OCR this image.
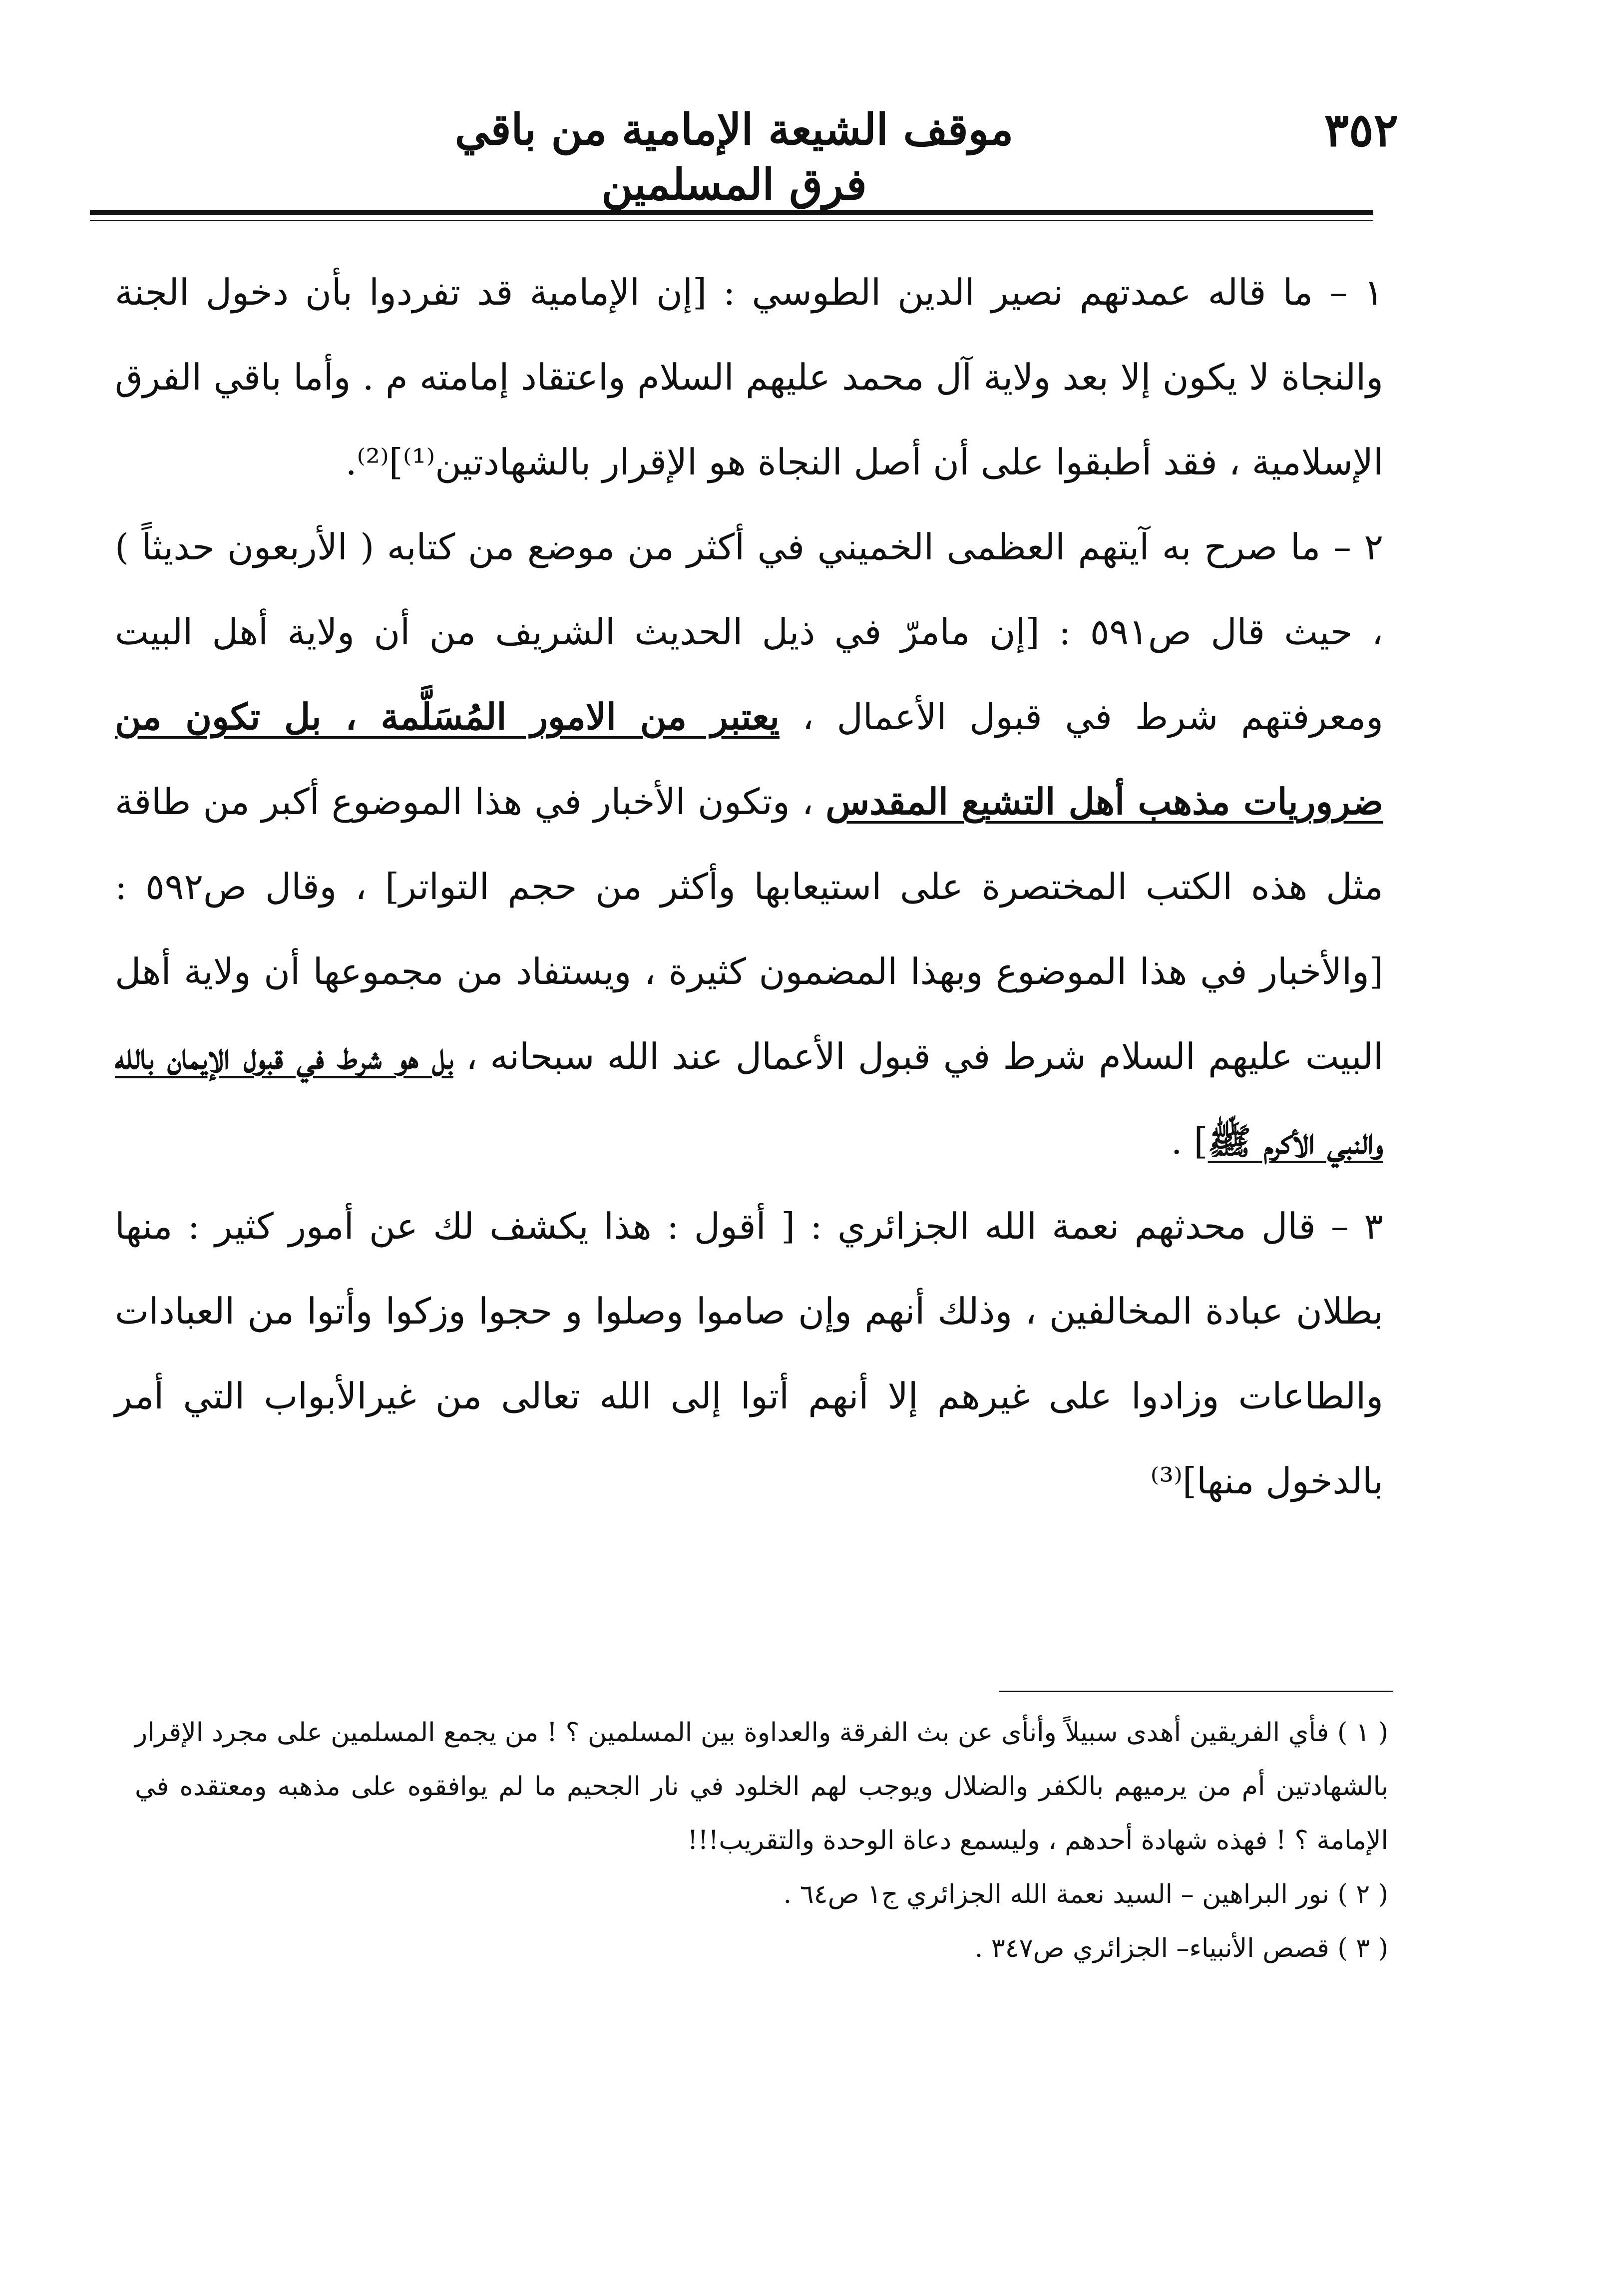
٣٥٢
موقف الشيعة الإمامية من باقي فرق المسلمين

١ – ما قاله عمدتهم نصير الدين الطوسي : [إن الإمامية قد تفردوا بأن دخول الجنة والنجاة لا يكون إلا بعد ولاية آل محمد عليهم السلام واعتقاد إمامته م . وأما باقي الفرق الإسلامية ، فقد أطبقوا على أن أصل النجاة هو الإقرار بالشهادتين⁽¹⁾]⁽²⁾.

٢ – ما صرح به آيتهم العظمى الخميني في أكثر من موضع من كتابه ( الأربعون حديثاً ) ، حيث قال ص٥٩١ : [إن مامرّ في ذيل الحديث الشريف من أن ولاية أهل البيت ومعرفتهم شرط في قبول الأعمال ، يعتبر من الامور المُسَلَّمة ، بل تكون من ضروريات مذهب أهل التشيع المقدس ، وتكون الأخبار في هذا الموضوع أكبر من طاقة مثل هذه الكتب المختصرة على استيعابها وأكثر من حجم التواتر] ، وقال ص٥٩٢ : [والأخبار في هذا الموضوع وبهذا المضمون كثيرة ، ويستفاد من مجموعها أن ولاية أهل البيت عليهم السلام شرط في قبول الأعمال عند الله سبحانه ، بل هو شرط في قبول الإيمان بالله والنبي الأكرم ﷺ] .

٣ – قال محدثهم نعمة الله الجزائري : [ أقول : هذا يكشف لك عن أمور كثير : منها بطلان عبادة المخالفين ، وذلك أنهم وإن صاموا وصلوا و حجوا وزكوا وأتوا من العبادات والطاعات وزادوا على غيرهم إلا أنهم أتوا إلى الله تعالى من غيرالأبواب التي أمر بالدخول منها]⁽³⁾

( ١ ) فأي الفريقين أهدى سبيلاً وأنأى عن بث الفرقة والعداوة بين المسلمين ؟ ! من يجمع المسلمين على مجرد الإقرار بالشهادتين أم من يرميهم بالكفر والضلال ويوجب لهم الخلود في نار الجحيم ما لم يوافقوه على مذهبه ومعتقده في الإمامة ؟ ! فهذه شهادة أحدهم ، وليسمع دعاة الوحدة والتقريب!!!

( ٢ ) نور البراهين – السيد نعمة الله الجزائري ج١ ص٦٤ .

( ٣ ) قصص الأنبياء– الجزائري ص٣٤٧ .
